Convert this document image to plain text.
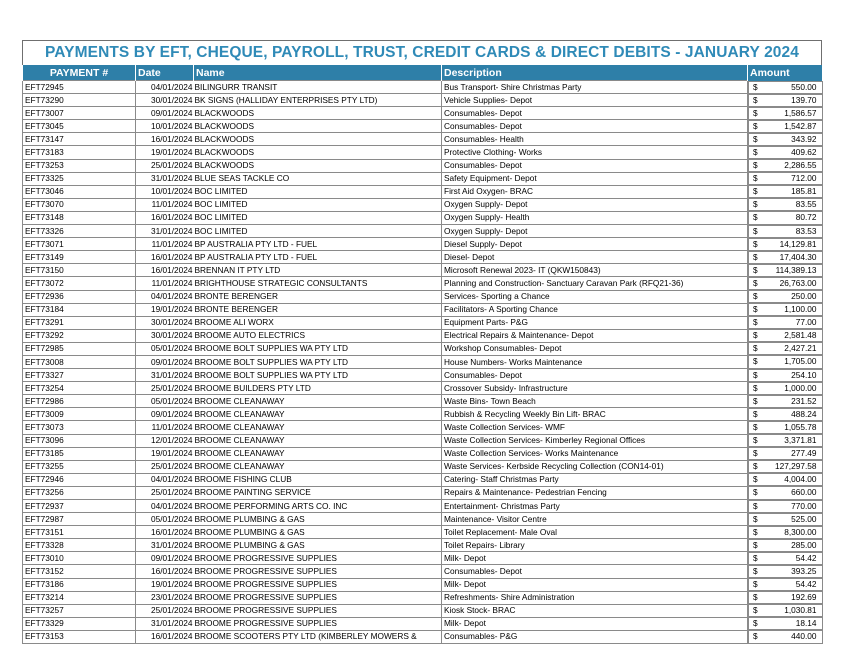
PAYMENTS BY EFT, CHEQUE, PAYROLL, TRUST, CREDIT CARDS & DIRECT DEBITS - JANUARY 2024
PAYMENT #	Date	Name	Description	Amount
EFT72945	04/01/2024	BILINGURR TRANSIT	Bus Transport- Shire Christmas Party		$	550.00

EFT73290	30/01/2024	BK SIGNS (HALLIDAY ENTERPRISES PTY LTD)	Vehicle Supplies- Depot		$	139.70

EFT73007	09/01/2024	BLACKWOODS	Consumables- Depot		$	1,586.57

EFT73045	10/01/2024	BLACKWOODS	Consumables- Depot		$	1,542.87

EFT73147	16/01/2024	BLACKWOODS	Consumables- Health		$	343.92

EFT73183	19/01/2024	BLACKWOODS	Protective Clothing- Works		$	409.62

EFT73253	25/01/2024	BLACKWOODS	Consumables- Depot		$	2,286.55

EFT73325	31/01/2024	BLUE SEAS TACKLE CO	Safety Equipment- Depot		$	712.00

EFT73046	10/01/2024	BOC LIMITED	First Aid Oxygen- BRAC		$	185.81

EFT73070	11/01/2024	BOC LIMITED	Oxygen Supply- Depot		$	83.55

EFT73148	16/01/2024	BOC LIMITED	Oxygen Supply- Health		$	80.72

EFT73326	31/01/2024	BOC LIMITED	Oxygen Supply- Depot		$	83.53

EFT73071	11/01/2024	BP AUSTRALIA PTY LTD - FUEL	Diesel Supply- Depot		$	14,129.81

EFT73149	16/01/2024	BP AUSTRALIA PTY LTD - FUEL	Diesel- Depot		$	17,404.30

EFT73150	16/01/2024	BRENNAN IT PTY LTD	Microsoft Renewal 2023- IT (QKW150843)		$ 114,389.13

EFT73072	11/01/2024	BRIGHTHOUSE STRATEGIC CONSULTANTS	Planning and Construction- Sanctuary Caravan Park (RFQ21-36)		$	26,763.00

EFT72936	04/01/2024	BRONTE BERENGER	Services- Sporting a Chance		$	250.00

EFT73184	19/01/2024	BRONTE BERENGER	Facilitators- A Sporting Chance		$	1,100.00

EFT73291	30/01/2024	BROOME ALI WORX	Equipment Parts- P&G		$	77.00

EFT73292	30/01/2024	BROOME AUTO ELECTRICS	Electrical Repairs & Maintenance- Depot		$	2,581.48

EFT72985	05/01/2024	BROOME BOLT SUPPLIES WA PTY LTD	Workshop Consumables- Depot		$	2,427.21

EFT73008	09/01/2024	BROOME BOLT SUPPLIES WA PTY LTD	House Numbers- Works Maintenance		$	1,705.00

EFT73327	31/01/2024	BROOME BOLT SUPPLIES WA PTY LTD	Consumables- Depot		$	254.10

EFT73254	25/01/2024	BROOME BUILDERS PTY LTD	Crossover Subsidy- Infrastructure		$	1,000.00

EFT72986	05/01/2024	BROOME CLEANAWAY	Waste Bins- Town Beach		$	231.52

EFT73009	09/01/2024	BROOME CLEANAWAY	Rubbish & Recycling Weekly Bin Lift- BRAC		$	488.24

EFT73073	11/01/2024	BROOME CLEANAWAY	Waste Collection Services- WMF		$	1,055.78

EFT73096	12/01/2024	BROOME CLEANAWAY	Waste Collection Services- Kimberley Regional Offices		$	3,371.81

EFT73185	19/01/2024	BROOME CLEANAWAY	Waste Collection Services- Works Maintenance		$	277.49

EFT73255	25/01/2024	BROOME CLEANAWAY	Waste Services- Kerbside Recycling Collection (CON14-01)		$ 127,297.58

EFT72946	04/01/2024	BROOME FISHING CLUB	Catering- Staff Christmas Party		$	4,004.00

EFT73256	25/01/2024	BROOME PAINTING SERVICE	Repairs & Maintenance- Pedestrian Fencing		$	660.00

EFT72937	04/01/2024	BROOME PERFORMING ARTS CO. INC	Entertainment- Christmas Party		$	770.00

EFT72987	05/01/2024	BROOME PLUMBING & GAS	Maintenance- Visitor Centre		$	525.00

EFT73151	16/01/2024	BROOME PLUMBING & GAS	Toilet Replacement- Male Oval		$	8,300.00

EFT73328	31/01/2024	BROOME PLUMBING & GAS	Toilet Repairs- Library		$	285.00

EFT73010	09/01/2024	BROOME PROGRESSIVE SUPPLIES	Milk- Depot		$	54.42

EFT73152	16/01/2024	BROOME PROGRESSIVE SUPPLIES	Consumables- Depot		$	393.25

EFT73186	19/01/2024	BROOME PROGRESSIVE SUPPLIES	Milk- Depot		$	54.42

EFT73214	23/01/2024	BROOME PROGRESSIVE SUPPLIES	Refreshments- Shire Administration		$	192.69

EFT73257	25/01/2024	BROOME PROGRESSIVE SUPPLIES	Kiosk Stock- BRAC		$	1,030.81

EFT73329	31/01/2024	BROOME PROGRESSIVE SUPPLIES	Milk- Depot		$	18.14

EFT73153	16/01/2024	BROOME SCOOTERS PTY LTD (KIMBERLEY MOWERS &	Consumables- P&G		$	440.00
